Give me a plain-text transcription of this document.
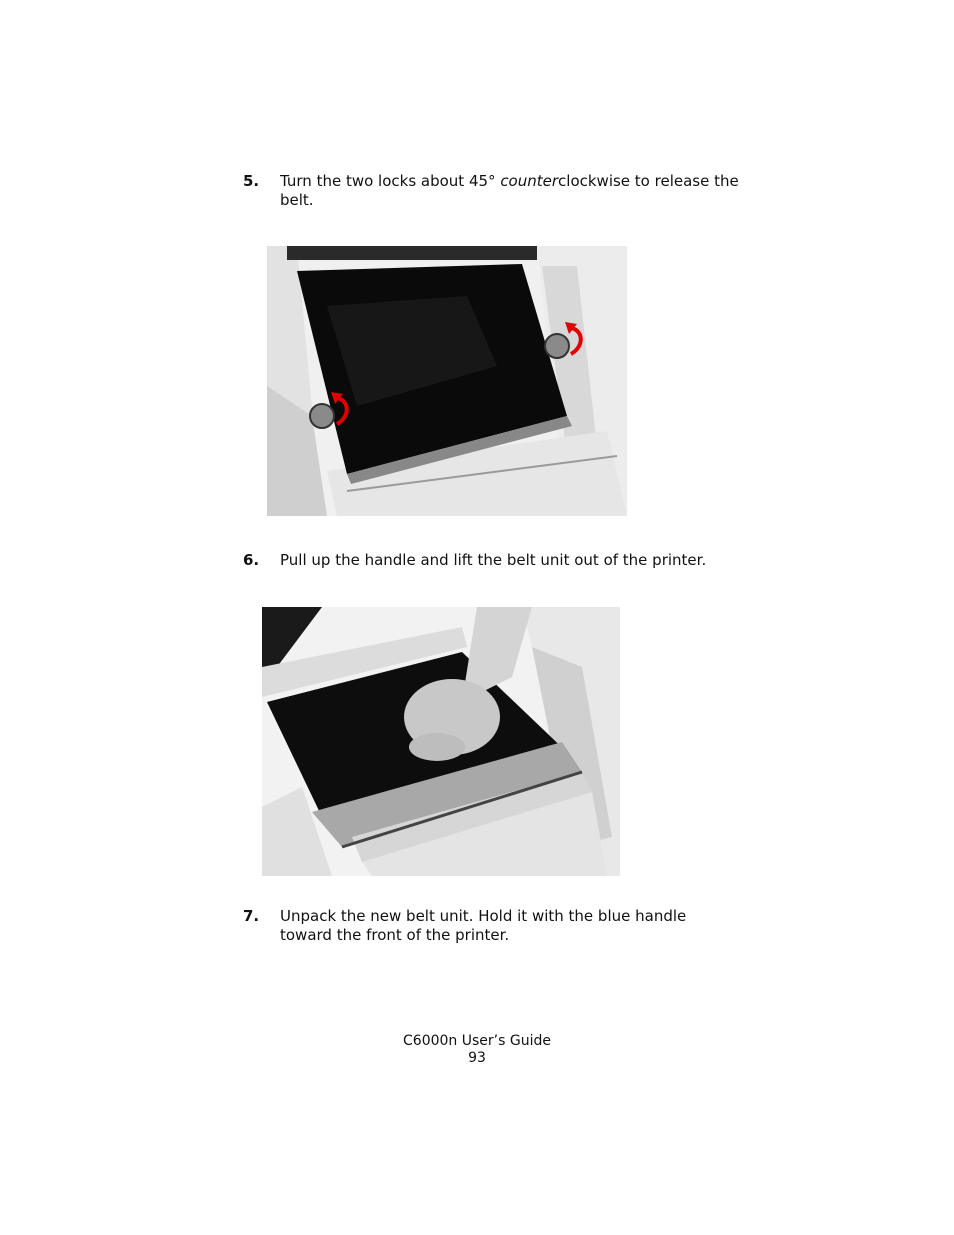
5. Turn the two locks about 45° counterclockwise to release the belt.
6. Pull up the handle and lift the belt unit out of the printer.
7. Unpack the new belt unit. Hold it with the blue handle toward the front of the printer.
C6000n User’s Guide
93
